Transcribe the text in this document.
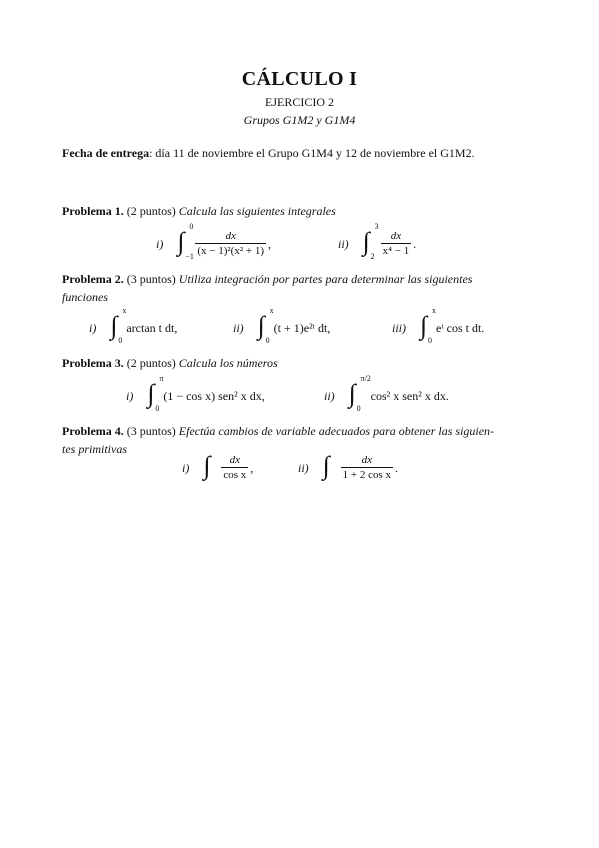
CÁLCULO I
EJERCICIO 2
Grupos G1M2 y G1M4
Fecha de entrega: día 11 de noviembre el Grupo G1M4 y 12 de noviembre el G1M2.
Problema 1. (2 puntos) Calcula las siguientes integrales
i) ∫
0
$-1 \frac{dx}{\text{(x − 1)²(x² + 1)}}$ ,	ii) ∫
3
$2 \frac{dx}{\text{x⁴ − 1}}$ .
Problema 2. (3 puntos) Utiliza integración por partes para determinar las siguientes
funciones
i) ∫
x
0
arctan t dt,	ii) ∫
x
0
(t + 1)e²ᵗ dt,	iii) ∫
x
0
eᵗ cos t dt.
Problema 3. (2 puntos) Calcula los números
i) ∫
π
0
(1 − cos x) sen² x dx,	ii) ∫
π/2
0
cos² x sen² x dx.
Problema 4. (3 puntos) Efectúa cambios de variable adecuados para obtener las siguien-
tes primitivas
i) ∫ $\frac{dx}{\text{cos x}}$ ,	ii) ∫ $\frac{dx}{\text{1 + 2 cos x}}$ .
